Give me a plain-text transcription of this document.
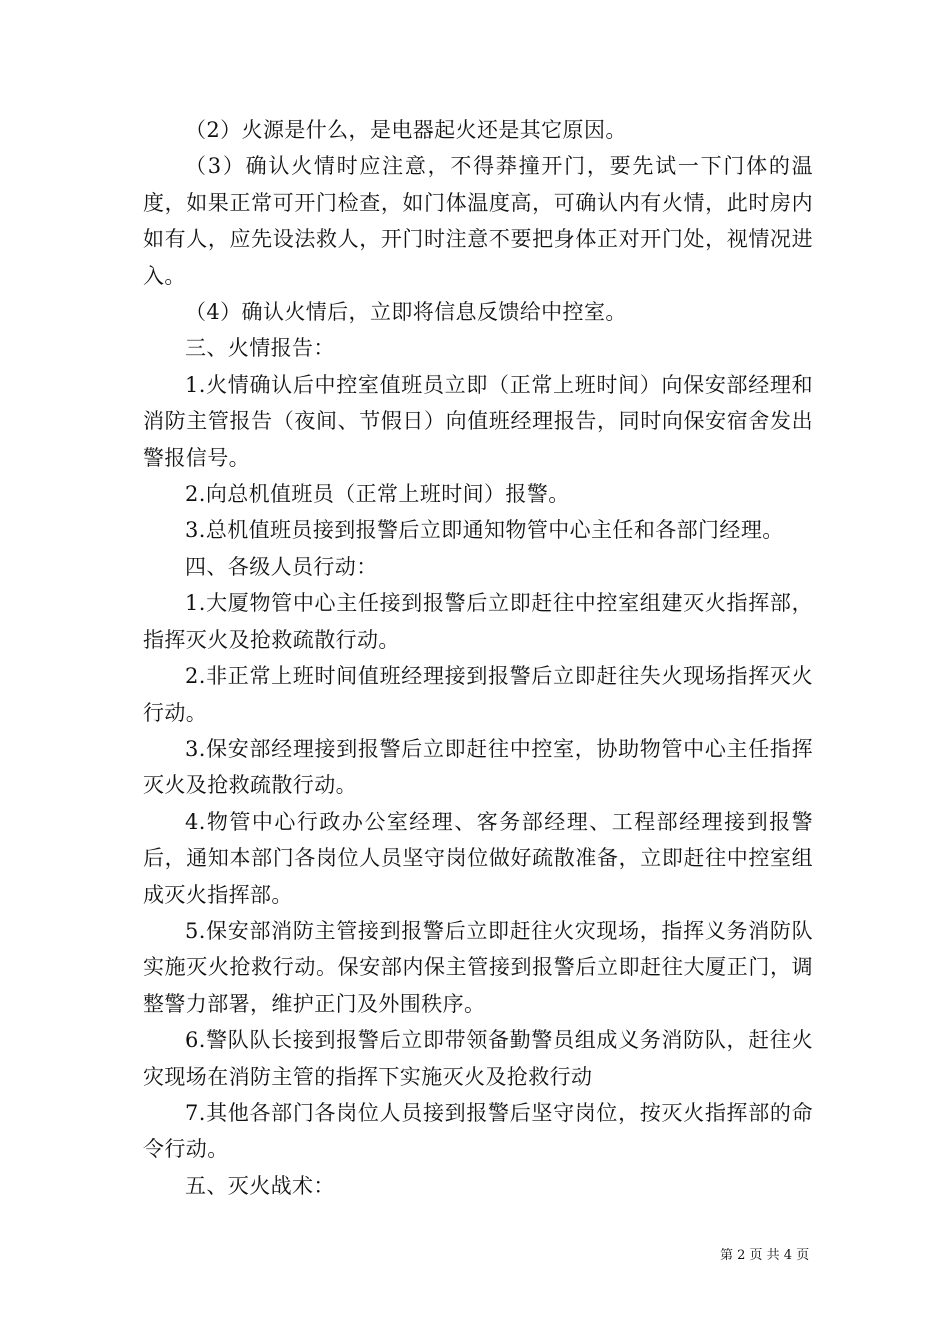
（2）火源是什么，是电器起火还是其它原因。

（3）确认火情时应注意，不得莽撞开门，要先试一下门体的温度，如果正常可开门检查，如门体温度高，可确认内有火情，此时房内如有人，应先设法救人，开门时注意不要把身体正对开门处，视情况进入。

（4）确认火情后，立即将信息反馈给中控室。

三、火情报告：

1.火情确认后中控室值班员立即（正常上班时间）向保安部经理和消防主管报告（夜间、节假日）向值班经理报告，同时向保安宿舍发出警报信号。

2.向总机值班员（正常上班时间）报警。

3.总机值班员接到报警后立即通知物管中心主任和各部门经理。

四、各级人员行动：

1.大厦物管中心主任接到报警后立即赶往中控室组建灭火指挥部，指挥灭火及抢救疏散行动。

2.非正常上班时间值班经理接到报警后立即赶往失火现场指挥灭火行动。

3.保安部经理接到报警后立即赶往中控室，协助物管中心主任指挥灭火及抢救疏散行动。

4.物管中心行政办公室经理、客务部经理、工程部经理接到报警后，通知本部门各岗位人员坚守岗位做好疏散准备，立即赶往中控室组成灭火指挥部。

5.保安部消防主管接到报警后立即赶往火灾现场，指挥义务消防队实施灭火抢救行动。保安部内保主管接到报警后立即赶往大厦正门，调整警力部署，维护正门及外围秩序。

6.警队队长接到报警后立即带领备勤警员组成义务消防队，赶往火灾现场在消防主管的指挥下实施灭火及抢救行动

7.其他各部门各岗位人员接到报警后坚守岗位，按灭火指挥部的命令行动。

五、灭火战术：

第 2 页 共 4 页
